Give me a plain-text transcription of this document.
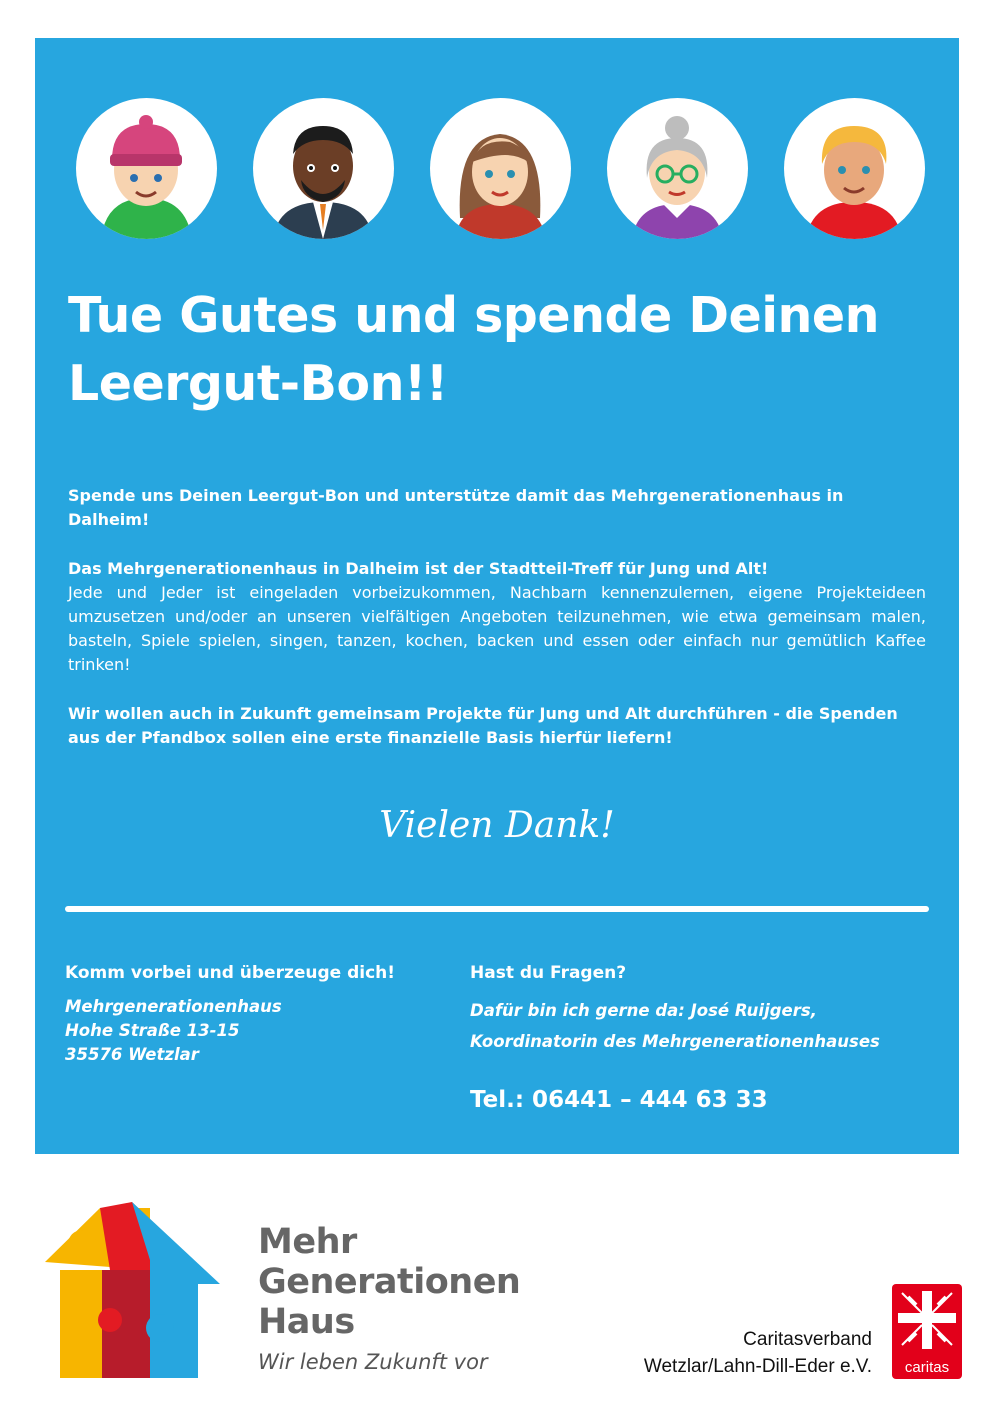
Tue Gutes und spende Deinen Leergut-Bon!!

Spende uns Deinen Leergut-Bon und unterstütze damit das Mehrgenerationenhaus in Dalheim!

Das Mehrgenerationenhaus in Dalheim ist der Stadtteil-Treff für Jung und Alt!
Jede und Jeder ist eingeladen vorbeizukommen, Nachbarn kennenzulernen, eigene Projekteideen umzusetzen und/oder an unseren vielfältigen Angeboten teilzunehmen, wie etwa gemeinsam malen, basteln, Spiele spielen, singen, tanzen, kochen, backen und essen oder einfach nur gemütlich Kaffee trinken!

Wir wollen auch in Zukunft gemeinsam Projekte für Jung und Alt durchführen - die Spenden aus der Pfandbox sollen eine erste finanzielle Basis hierfür liefern!

Vielen Dank!

Komm vorbei und überzeuge dich!

Mehrgenerationenhaus

Hohe Straße 13-15

35576 Wetzlar

Hast du Fragen?

Dafür bin ich gerne da: José Ruijgers,

Koordinatorin des Mehrgenerationenhauses

Tel.: 06441 – 444 63 33

Mehr
Generationen
Haus
Wir leben Zukunft vor
Caritasverband
Wetzlar/Lahn-Dill-Eder e.V.	caritas
